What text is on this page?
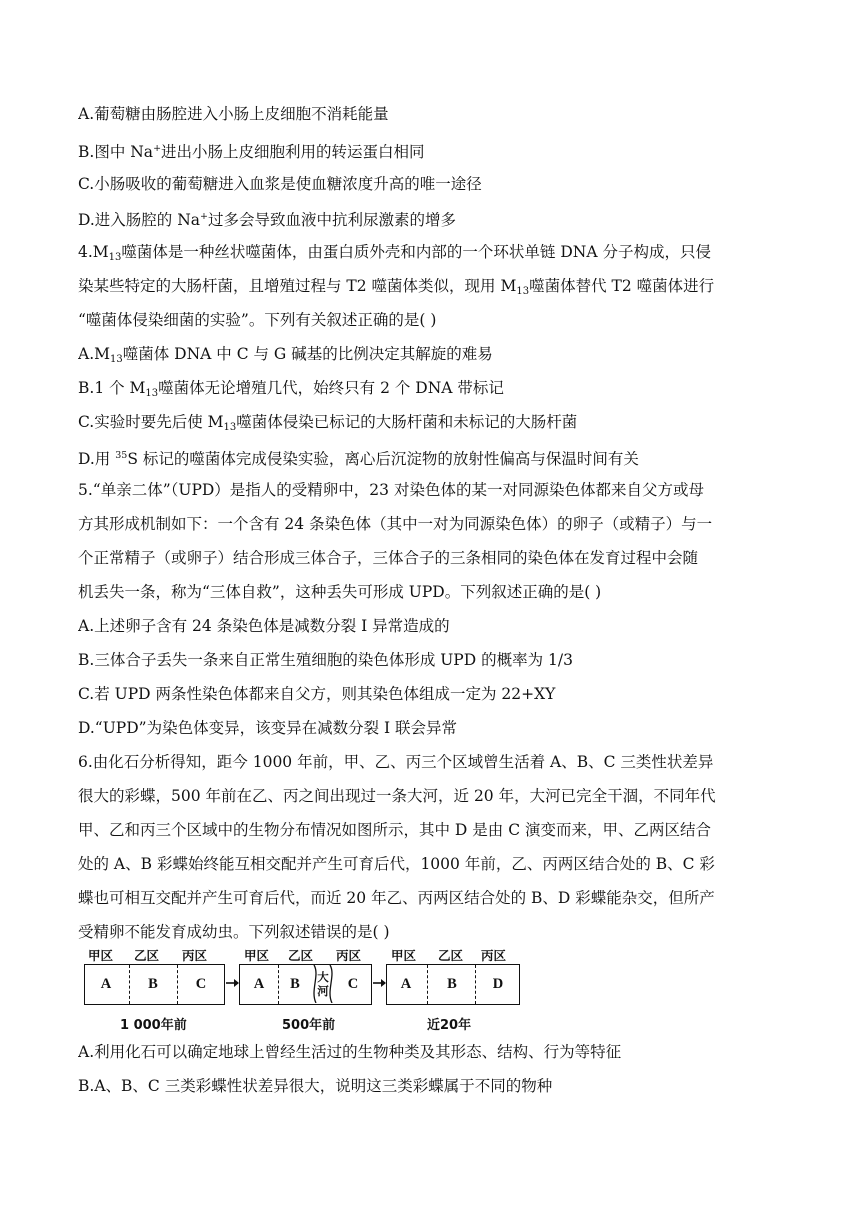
A.葡萄糖由肠腔进入小肠上皮细胞不消耗能量
B.图中 Na+进出小肠上皮细胞利用的转运蛋白相同
C.小肠吸收的葡萄糖进入血浆是使血糖浓度升高的唯一途径
D.进入肠腔的 Na+过多会导致血液中抗利尿激素的增多
$4.M_{13}$噬菌体是一种丝状噬菌体，由蛋白质外壳和内部的一个环状单链 DNA 分子构成，只侵
染某些特定的大肠杆菌，且增殖过程与 T2 噬菌体类似，现用 $M_{13}$噬菌体替代 T2 噬菌体进行
“噬菌体侵染细菌的实验”。下列有关叙述正确的是( )
$A.M_{13}$噬菌体 DNA 中 C 与 G 碱基的比例决定其解旋的难易
B.1 个 $M_{13}$噬菌体无论增殖几代，始终只有 2 个 DNA 带标记
C.实验时要先后使 $M_{13}$噬菌体侵染已标记的大肠杆菌和未标记的大肠杆菌
D.用 $^{35}$S 标记的噬菌体完成侵染实验，离心后沉淀物的放射性偏高与保温时间有关
5.“单亲二体”（UPD）是指人的受精卵中，23 对染色体的某一对同源染色体都来自父方或母
方其形成机制如下：一个含有 24 条染色体（其中一对为同源染色体）的卵子（或精子）与一
个正常精子（或卵子）结合形成三体合子，三体合子的三条相同的染色体在发育过程中会随
机丢失一条，称为“三体自救”，这种丢失可形成 UPD。下列叙述正确的是( )
A.上述卵子含有 24 条染色体是减数分裂 I 异常造成的
B.三体合子丢失一条来自正常生殖细胞的染色体形成 UPD 的概率为 1/3
C.若 UPD 两条性染色体都来自父方，则其染色体组成一定为 22+XY
D.“UPD”为染色体变异，该变异在减数分裂 I 联会异常
6.由化石分析得知，距今 1000 年前，甲、乙、丙三个区域曾生活着 A、B、C 三类性状差异
很大的彩蝶，500 年前在乙、丙之间出现过一条大河，近 20 年，大河已完全干涸，不同年代
甲、乙和丙三个区域中的生物分布情况如图所示，其中 D 是由 C 演变而来，甲、乙两区结合
处的 A、B 彩蝶始终能互相交配并产生可育后代，1000 年前，乙、丙两区结合处的 B、C 彩
蝶也可相互交配并产生可育后代，而近 20 年乙、丙两区结合处的 B、D 彩蝶能杂交，但所产
受精卵不能发育成幼虫。下列叙述错误的是( )
A.利用化石可以确定地球上曾经生活过的生物种类及其形态、结构、行为等特征
B.A、B、C 三类彩蝶性状差异很大，说明这三类彩蝶属于不同的物种
甲区 乙区 丙区
A	B	C
1 000年前
甲区 乙区 丙区
A	B	大河	C
500年前
甲区 乙区 丙区
A	B	D
近20年
